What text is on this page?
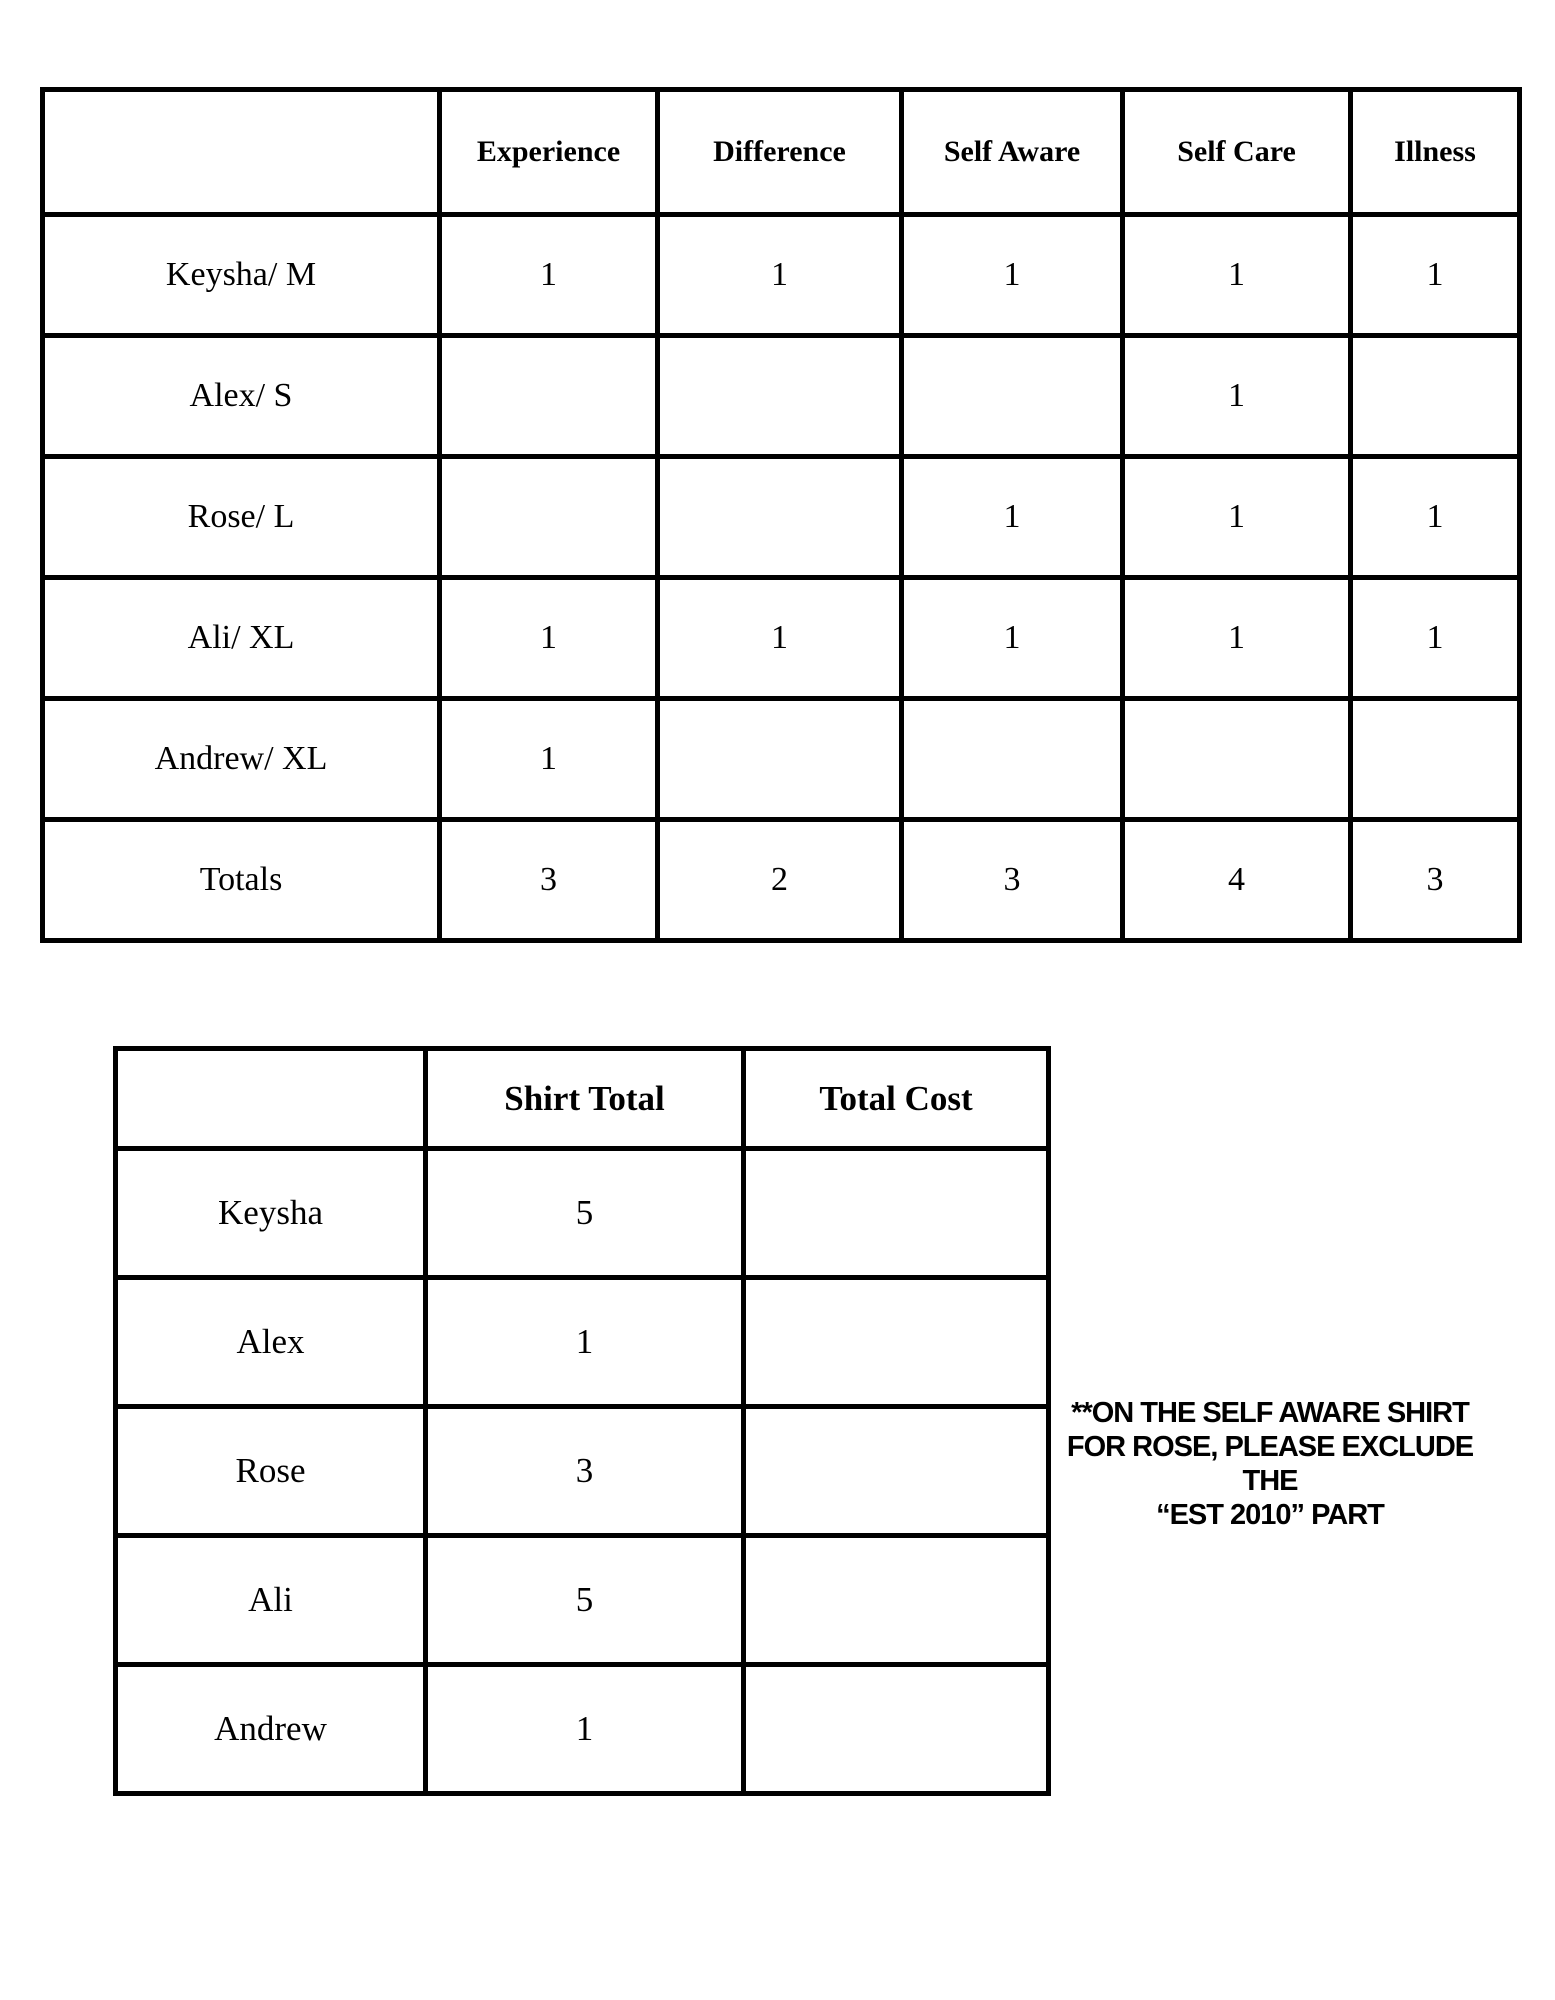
	Experience	Difference	Self Aware	Self Care	Illness
Keysha/ M	1	1	1	1	1
Alex/ S				1	
Rose/ L			1	1	1
Ali/ XL	1	1	1	1	1
Andrew/ XL	1				
Totals	3	2	3	4	3
	Shirt Total	Total Cost
Keysha	5	
Alex	1	
Rose	3	
Ali	5	
Andrew	1	
**ON THE SELF AWARE SHIRT
FOR ROSE, PLEASE EXCLUDE THE
“EST 2010” PART
